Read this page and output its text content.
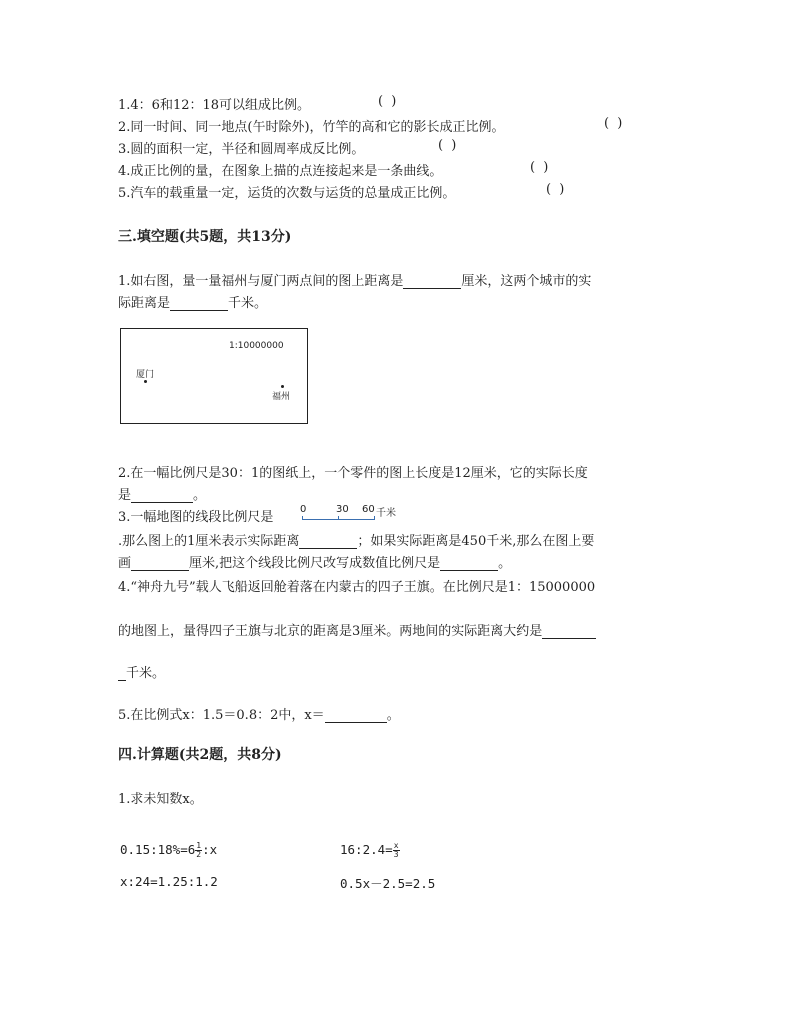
1.4：6和12：18可以组成比例。	( )
2.同一时间、同一地点(午时除外)，竹竿的高和它的影长成正比例。	( )
3.圆的面积一定，半径和圆周率成反比例。	( )
4.成正比例的量，在图象上描的点连接起来是一条曲线。	( )
5.汽车的载重量一定，运货的次数与运货的总量成正比例。	( )
三.填空题(共5题，共13分)
1.如右图，量一量福州与厦门两点间的图上距离是	厘米，这两个城市的实
际距离是	千米。
1:10000000
厦门
福州
2.在一幅比例尺是30：1的图纸上，一个零件的图上长度是12厘米，它的实际长度
是	。
3.一幅地图的线段比例尺是
0	30 60 千米
.那么图上的1厘米表示实际距离	；如果实际距离是450千米,那么在图上要
画	厘米,把这个线段比例尺改写成数值比例尺是	。
4.“神舟九号”载人飞船返回舱着落在内蒙古的四子王旗。在比例尺是1：15000000
的地图上，量得四子王旗与北京的距离是3厘米。两地间的实际距离大约是
千米。
5.在比例式x：1.5＝0.8：2中，x＝	。
四.计算题(共2题，共8分)
1.求未知数x。
0.15:18%=6 $\frac{1}{2}$ :x	16:2.4= $\frac{x}{3}$
x:24=1.25:1.2	0.5x－2.5=2.5
